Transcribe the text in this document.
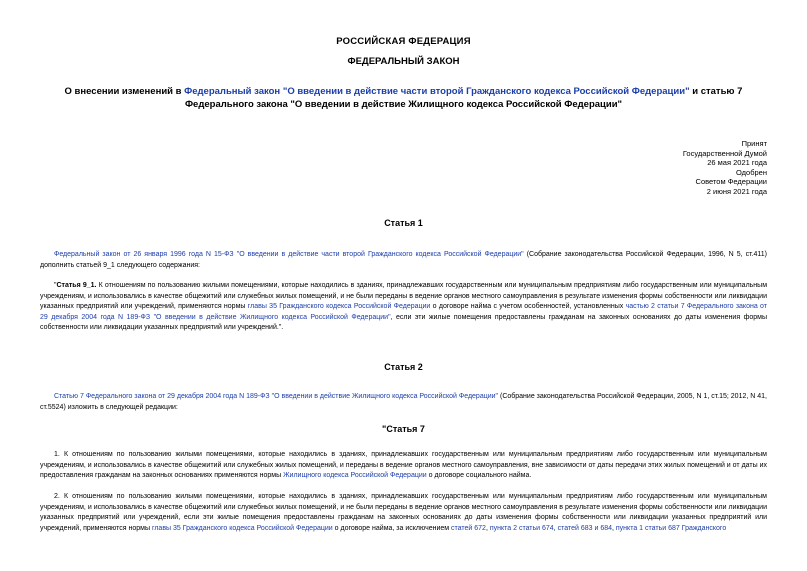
РОССИЙСКАЯ ФЕДЕРАЦИЯ
ФЕДЕРАЛЬНЫЙ ЗАКОН
О внесении изменений в Федеральный закон "О введении в действие части второй Гражданского кодекса Российской Федерации" и статью 7 Федерального закона "О введении в действие Жилищного кодекса Российской Федерации"
Принят
Государственной Думой
26 мая 2021 года
Одобрен
Советом Федерации
2 июня 2021 года
Статья 1
Федеральный закон от 26 января 1996 года N 15-ФЗ "О введении в действие части второй Гражданского кодекса Российской Федерации" (Собрание законодательства Российской Федерации, 1996, N 5, ст.411) дополнить статьей 9_1 следующего содержания:
"Статья 9_1. К отношениям по пользованию жилыми помещениями, которые находились в зданиях, принадлежавших государственным или муниципальным предприятиям либо государственным или муниципальным учреждениям, и использовались в качестве общежитий или служебных жилых помещений, и не были переданы в ведение органов местного самоуправления в результате изменения формы собственности или ликвидации указанных предприятий или учреждений, применяются нормы главы 35 Гражданского кодекса Российской Федерации о договоре найма с учетом особенностей, установленных частью 2 статьи 7 Федерального закона от 29 декабря 2004 года N 189-ФЗ "О введении в действие Жилищного кодекса Российской Федерации", если эти жилые помещения предоставлены гражданам на законных основаниях до даты изменения формы собственности или ликвидации указанных предприятий или учреждений.".
Статья 2
Статью 7 Федерального закона от 29 декабря 2004 года N 189-ФЗ "О введении в действие Жилищного кодекса Российской Федерации" (Собрание законодательства Российской Федерации, 2005, N 1, ст.15; 2012, N 41, ст.5524) изложить в следующей редакции:
"Статья 7
1. К отношениям по пользованию жилыми помещениями, которые находились в зданиях, принадлежавших государственным или муниципальным предприятиям либо государственным или муниципальным учреждениям, и использовались в качестве общежитий или служебных жилых помещений, и переданы в ведение органов местного самоуправления, вне зависимости от даты передачи этих жилых помещений и от даты их предоставления гражданам на законных основаниях применяются нормы Жилищного кодекса Российской Федерации о договоре социального найма.
2. К отношениям по пользованию жилыми помещениями, которые находились в зданиях, принадлежавших государственным или муниципальным предприятиям либо государственным или муниципальным учреждениям, и использовались в качестве общежитий или служебных жилых помещений, и не были переданы в ведение органов местного самоуправления в результате изменения формы собственности или ликвидации указанных предприятий или учреждений, если эти жилые помещения предоставлены гражданам на законных основаниях до даты изменения формы собственности или ликвидации указанных предприятий или учреждений, применяются нормы главы 35 Гражданского кодекса Российской Федерации о договоре найма, за исключением статей 672, пункта 2 статьи 674, статей 683 и 684, пункта 1 статьи 687 Гражданского
